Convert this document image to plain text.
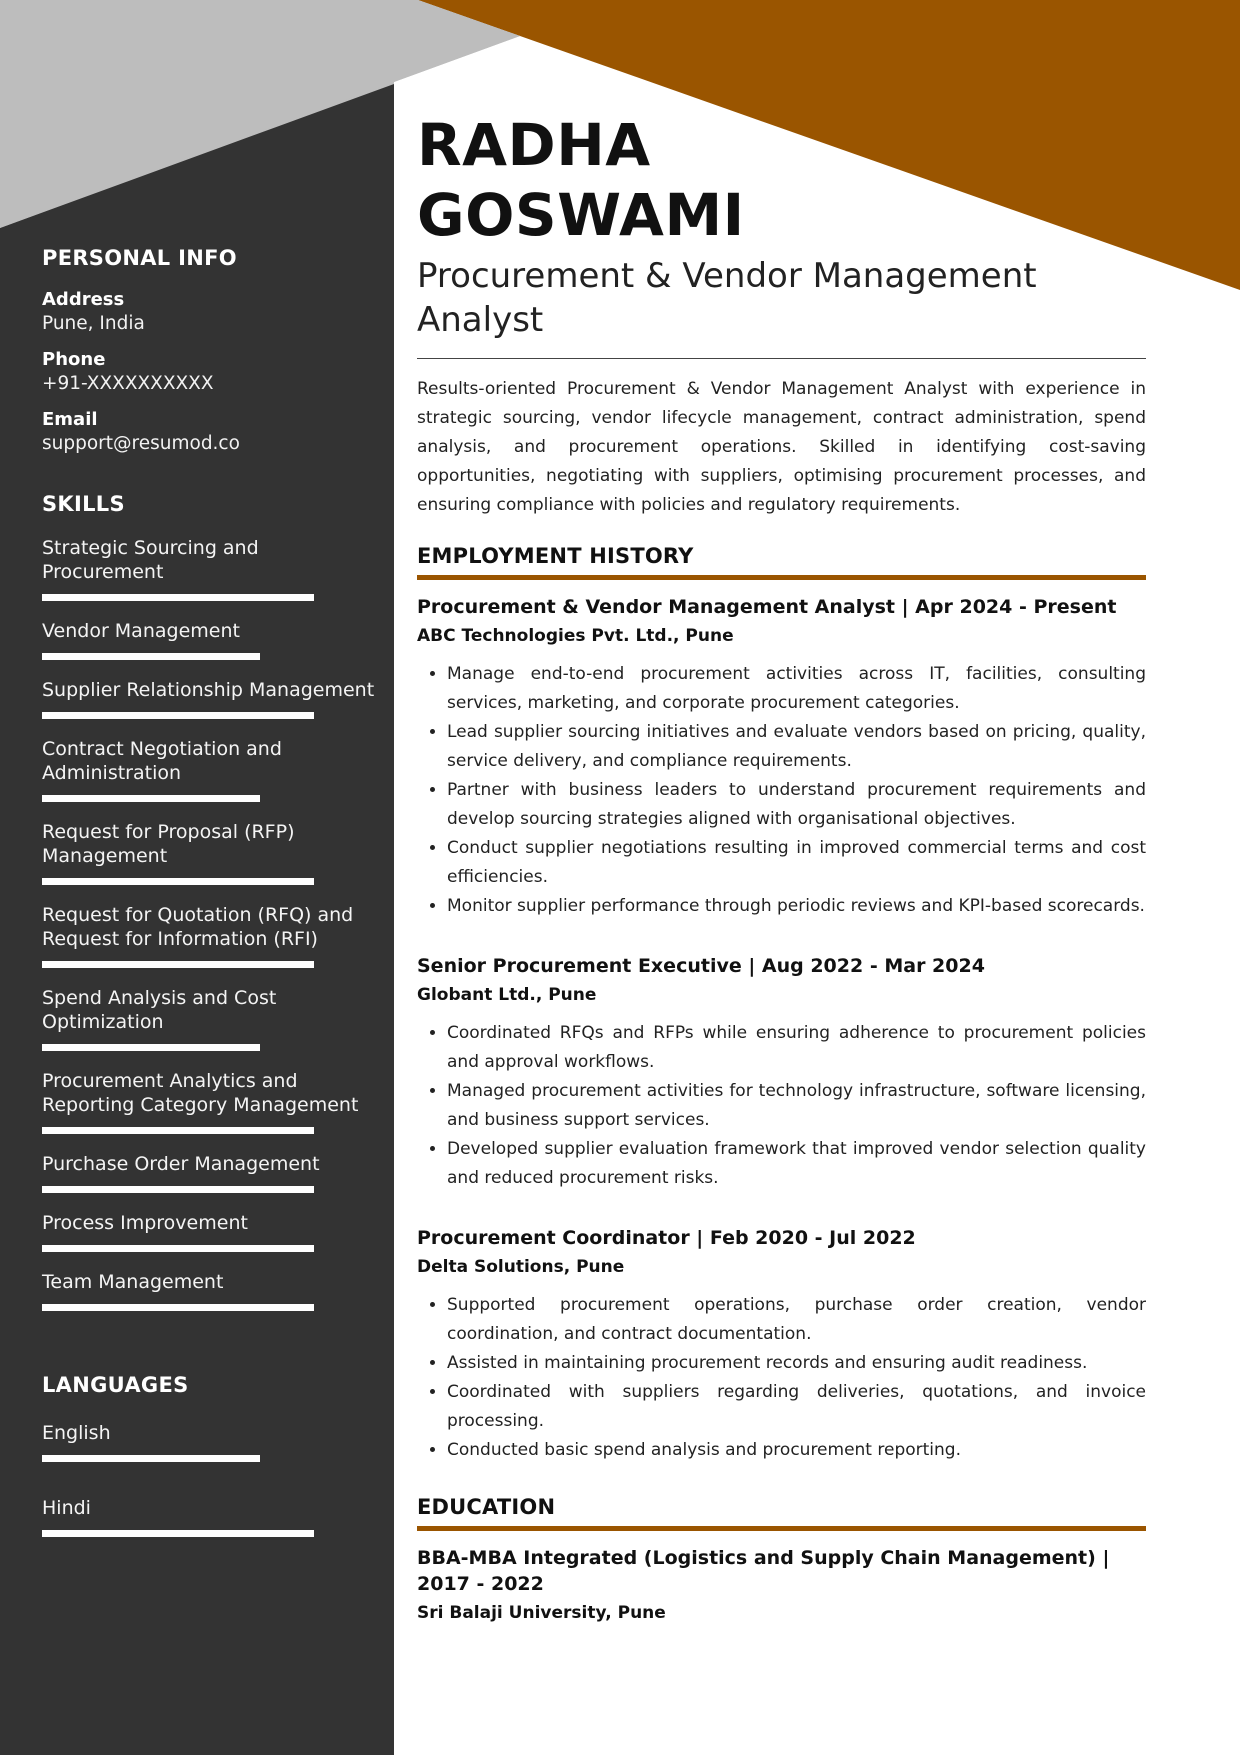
PERSONAL INFO

Address

Pune, India

Phone

+91-XXXXXXXXXX

Email

support@resumod.co

SKILLS

Strategic Sourcing and Procurement

Vendor Management

Supplier Relationship Management

Contract Negotiation and Administration

Request for Proposal (RFP) Management

Request for Quotation (RFQ) and Request for Information (RFI)

Spend Analysis and Cost Optimization

Procurement Analytics and Reporting Category Management

Purchase Order Management

Process Improvement

Team Management

LANGUAGES

English

Hindi

RADHA
GOSWAMI

Procurement & Vendor Management Analyst

Results-oriented Procurement & Vendor Management Analyst with experience in strategic sourcing, vendor lifecycle management, contract administration, spend analysis, and procurement operations. Skilled in identifying cost-saving opportunities, negotiating with suppliers, optimising procurement processes, and ensuring compliance with policies and regulatory requirements.

EMPLOYMENT HISTORY

Procurement & Vendor Management Analyst | Apr 2024 - Present

ABC Technologies Pvt. Ltd., Pune

• Manage end-to-end procurement activities across IT, facilities, consulting services, marketing, and corporate procurement categories.
• Lead supplier sourcing initiatives and evaluate vendors based on pricing, quality, service delivery, and compliance requirements.
• Partner with business leaders to understand procurement requirements and develop sourcing strategies aligned with organisational objectives.
• Conduct supplier negotiations resulting in improved commercial terms and cost efficiencies.
• Monitor supplier performance through periodic reviews and KPI-based scorecards.

Senior Procurement Executive | Aug 2022 - Mar 2024

Globant Ltd., Pune

• Coordinated RFQs and RFPs while ensuring adherence to procurement policies and approval workflows.
• Managed procurement activities for technology infrastructure, software licensing, and business support services.
• Developed supplier evaluation framework that improved vendor selection quality and reduced procurement risks.

Procurement Coordinator | Feb 2020 - Jul 2022

Delta Solutions, Pune

• Supported procurement operations, purchase order creation, vendor coordination, and contract documentation.
• Assisted in maintaining procurement records and ensuring audit readiness.
• Coordinated with suppliers regarding deliveries, quotations, and invoice processing.
• Conducted basic spend analysis and procurement reporting.
EDUCATION

BBA-MBA Integrated (Logistics and Supply Chain Management) | 2017 - 2022

Sri Balaji University, Pune
